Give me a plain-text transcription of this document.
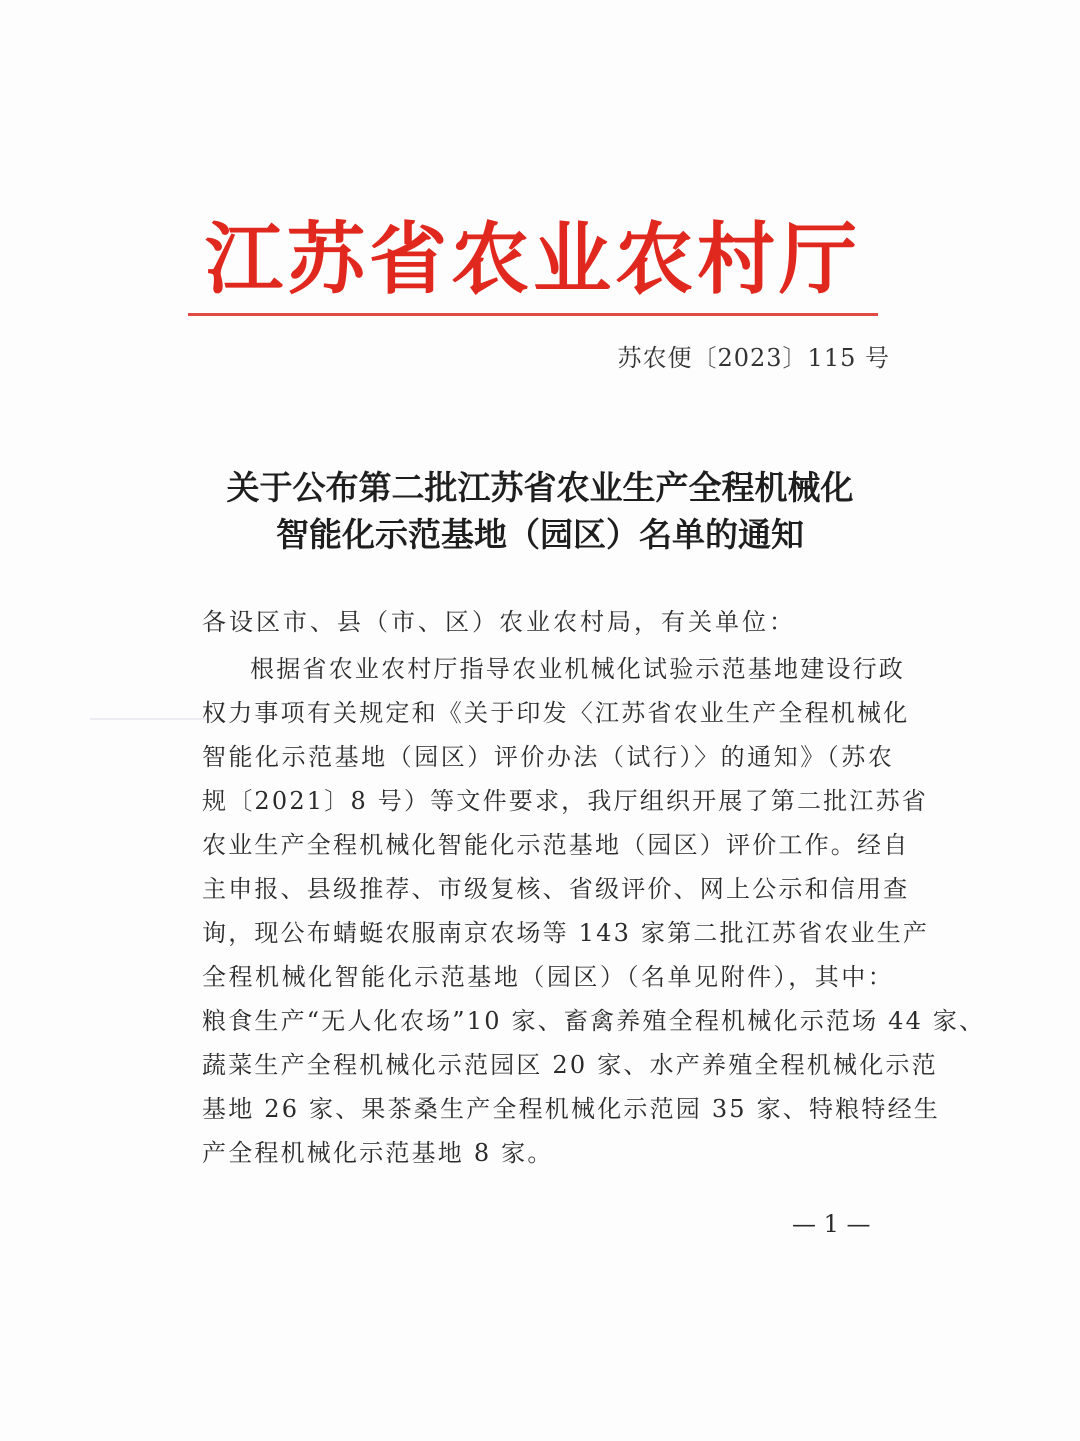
江苏省农业农村厅
苏农便〔2023〕115 号
关于公布第二批江苏省农业生产全程机械化
智能化示范基地（园区）名单的通知
各设区市、县（市、区）农业农村局，有关单位：
根据省农业农村厅指导农业机械化试验示范基地建设行政
权力事项有关规定和《关于印发〈江苏省农业生产全程机械化
智能化示范基地（园区）评价办法（试行）〉的通知》（苏农
规〔2021〕8 号）等文件要求，我厅组织开展了第二批江苏省
农业生产全程机械化智能化示范基地（园区）评价工作。经自
主申报、县级推荐、市级复核、省级评价、网上公示和信用查
询，现公布蜻蜓农服南京农场等 143 家第二批江苏省农业生产
全程机械化智能化示范基地（园区）（名单见附件），其中：
粮食生产“无人化农场”10 家、畜禽养殖全程机械化示范场 44 家、
蔬菜生产全程机械化示范园区 20 家、水产养殖全程机械化示范
基地 26 家、果茶桑生产全程机械化示范园 35 家、特粮特经生
产全程机械化示范基地 8 家。
— 1 —
